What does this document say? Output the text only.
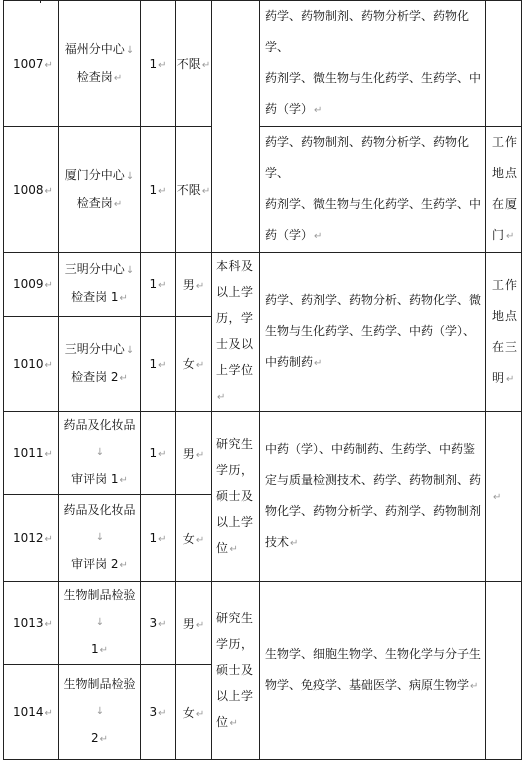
1007↵	福州分中心↓
检查岗↵	1↵	不限↵		药学、药物制剂、药物分析学、药物化学、
药剂学、微生物与生化药学、生药学、中
药（学）↵	
1008↵	厦门分中心↓
检查岗↵	1↵	不限↵		药学、药物制剂、药物分析学、药物化学、
药剂学、微生物与生化药学、生药学、中
药（学）↵	工作
地点
在厦
门↵
1009↵	三明分中心↓
检查岗 1↵	1↵	男↵	本科及
以上学
历，学
士及以
上学位↵	药学、药剂学、药物分析、药物化学、微
生物与生化药学、生药学、中药（学）、
中药制药↵	工作
地点
在三
明↵
1010↵	三明分中心↓
检查岗 2↵	1↵	女↵			
1011↵	药品及化妆品↓
审评岗 1↵	1↵	男↵	研究生
学历，
硕士及
以上学
位↵	中药（学）、中药制药、生药学、中药鉴
定与质量检测技术、药学、药物制剂、药
物化学、药物分析学、药剂学、药物制剂
技术↵	↵
1012↵	药品及化妆品↓
审评岗 2↵	1↵	女↵			
1013↵	生物制品检验↓
1↵	3↵	男↵	研究生
学历，
硕士及
以上学
位↵	生物学、细胞生物学、生物化学与分子生
物学、免疫学、基础医学、病原生物学↵	
1014↵	生物制品检验↓
2↵	3↵	女↵			
